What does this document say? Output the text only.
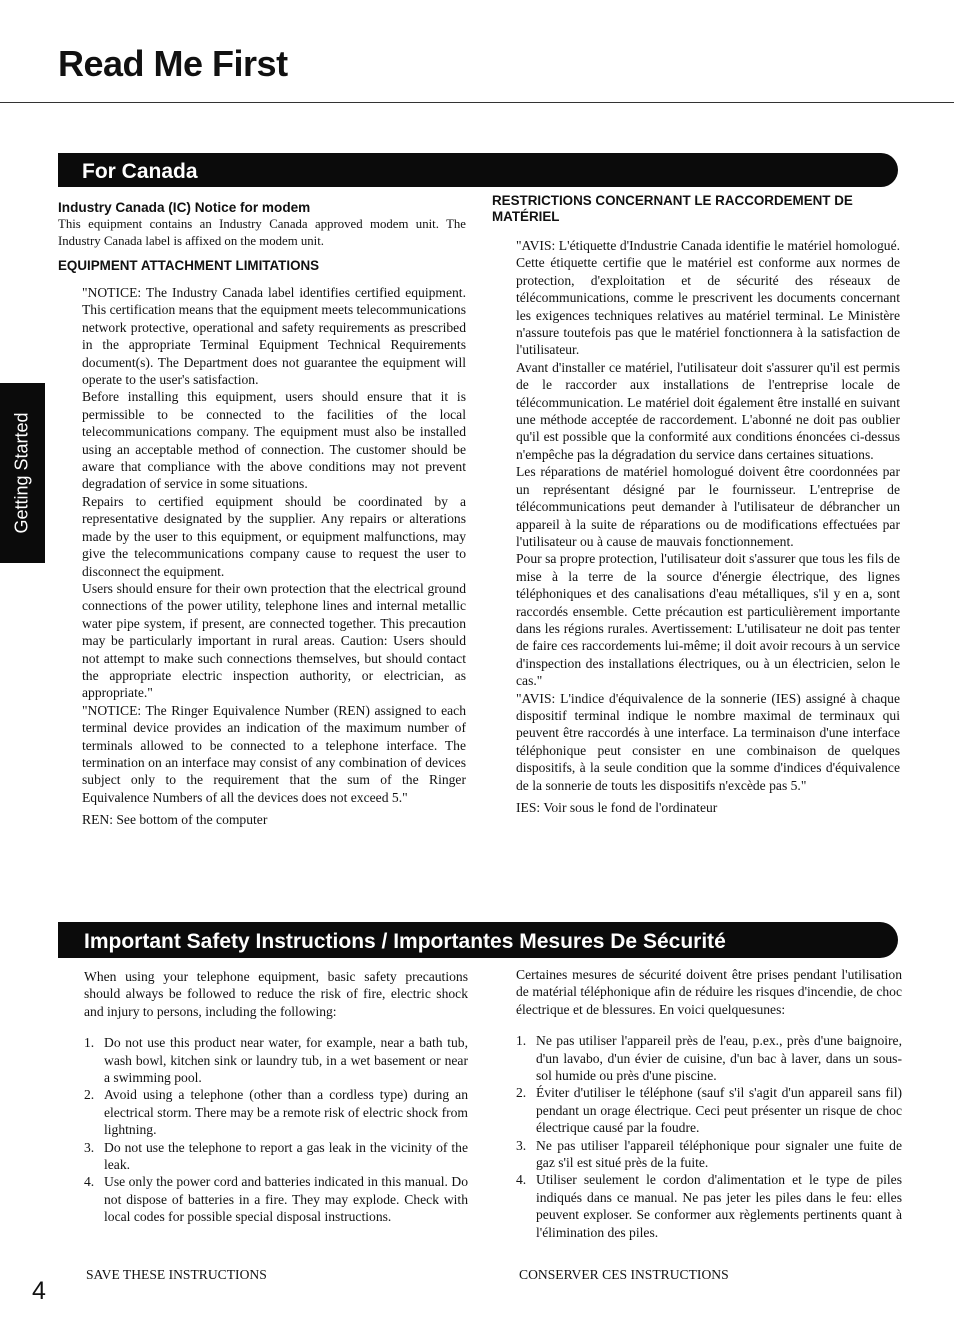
Read Me First
Getting Started
For Canada

Industry Canada (IC) Notice for modem

This equipment contains an Industry Canada approved modem unit. The Industry Canada label is affixed on the modem unit.

EQUIPMENT ATTACHMENT LIMITATIONS

"NOTICE: The Industry Canada label identifies certified equipment. This certification means that the equipment meets telecommunications network protective, operational and safety requirements as prescribed in the appropriate Terminal Equipment Technical Requirements document(s). The Department does not guarantee the equipment will operate to the user's satisfaction.

Before installing this equipment, users should ensure that it is permissible to be connected to the facilities of the local telecommunications company. The equipment must also be installed using an acceptable method of connection. The customer should be aware that compliance with the above conditions may not prevent degradation of service in some situations.

Repairs to certified equipment should be coordinated by a representative designated by the supplier. Any repairs or alterations made by the user to this equipment, or equipment malfunctions, may give the telecommunications company cause to request the user to disconnect the equipment.

Users should ensure for their own protection that the electrical ground connections of the power utility, telephone lines and internal metallic water pipe system, if present, are connected together. This precaution may be particularly important in rural areas. Caution: Users should not attempt to make such connections themselves, but should contact the appropriate electric inspection authority, or electrician, as appropriate."

"NOTICE: The Ringer Equivalence Number (REN) assigned to each terminal device provides an indication of the maximum number of terminals allowed to be connected to a telephone interface. The termination on an interface may consist of any combination of devices subject only to the requirement that the sum of the Ringer Equivalence Numbers of all the devices does not exceed 5."

REN: See bottom of the computer

RESTRICTIONS CONCERNANT LE RACCORDEMENT DE MATÉRIEL

"AVIS: L'étiquette d'Industrie Canada identifie le matériel homologué. Cette étiquette certifie que le matériel est conforme aux normes de protection, d'exploitation et de sécurité des réseaux de télécommunications, comme le prescrivent les documents concernant les exigences techniques relatives au matériel terminal. Le Ministère n'assure toutefois pas que le matériel fonctionnera à la satisfaction de l'utilisateur.

Avant d'installer ce matériel, l'utilisateur doit s'assurer qu'il est permis de le raccorder aux installations de l'entreprise locale de télécommunication. Le matériel doit également être installé en suivant une méthode acceptée de raccordement. L'abonné ne doit pas oublier qu'il est possible que la conformité aux conditions énoncées ci-dessus n'empêche pas la dégradation du service dans certaines situations.

Les réparations de matériel homologué doivent être coordonnées par un représentant désigné par le fournisseur. L'entreprise de télécommunications peut demander à l'utilisateur de débrancher un appareil à la suite de réparations ou de modifications effectuées par l'utilisateur ou à cause de mauvais fonctionnement.

Pour sa propre protection, l'utilisateur doit s'assurer que tous les fils de mise à la terre de la source d'énergie électrique, des lignes téléphoniques et des canalisations d'eau métalliques, s'il y en a, sont raccordés ensemble. Cette précaution est particulièrement importante dans les régions rurales. Avertissement: L'utilisateur ne doit pas tenter de faire ces raccordements lui-même; il doit avoir recours à un service d'inspection des installations électriques, ou à un électricien, selon le cas."

"AVIS: L'indice d'équivalence de la sonnerie (IES) assigné à chaque dispositif terminal indique le nombre maximal de terminaux qui peuvent être raccordés à une interface. La terminaison d'une interface téléphonique peut consister en une combinaison de quelques dispositifs, à la seule condition que la somme d'indices d'équivalence de la sonnerie de touts les dispositifs n'excède pas 5."

IES: Voir sous le fond de l'ordinateur

Important Safety Instructions / Importantes Mesures De Sécurité

When using your telephone equipment, basic safety precautions should always be followed to reduce the risk of fire, electric shock and injury to persons, including the following:

1. Do not use this product near water, for example, near a bath tub, wash bowl, kitchen sink or laundry tub, in a wet basement or near a swimming pool.
2. Avoid using a telephone (other than a cordless type) during an electrical storm. There may be a remote risk of electric shock from lightning.
3. Do not use the telephone to report a gas leak in the vicinity of the leak.
4. Use only the power cord and batteries indicated in this manual. Do not dispose of batteries in a fire. They may explode. Check with local codes for possible special disposal instructions.
SAVE THESE INSTRUCTIONS

Certaines mesures de sécurité doivent être prises pendant l'utilisation de matérial téléphonique afin de réduire les risques d'incendie, de choc électrique et de blessures. En voici quelquesunes:

1. Ne pas utiliser l'appareil près de l'eau, p.ex., près d'une baignoire, d'un lavabo, d'un évier de cuisine, d'un bac à laver, dans un sous-sol humide ou près d'une piscine.
2. Éviter d'utiliser le téléphone (sauf s'il s'agit d'un appareil sans fil) pendant un orage électrique. Ceci peut présenter un risque de choc électrique causé par la foudre.
3. Ne pas utiliser l'appareil téléphonique pour signaler une fuite de gaz s'il est situé près de la fuite.
4. Utiliser seulement le cordon d'alimentation et le type de piles indiqués dans ce manual. Ne pas jeter les piles dans le feu: elles peuvent exploser. Se conformer aux règlements pertinents quant à l'élimination des piles.
CONSERVER CES INSTRUCTIONS
4
